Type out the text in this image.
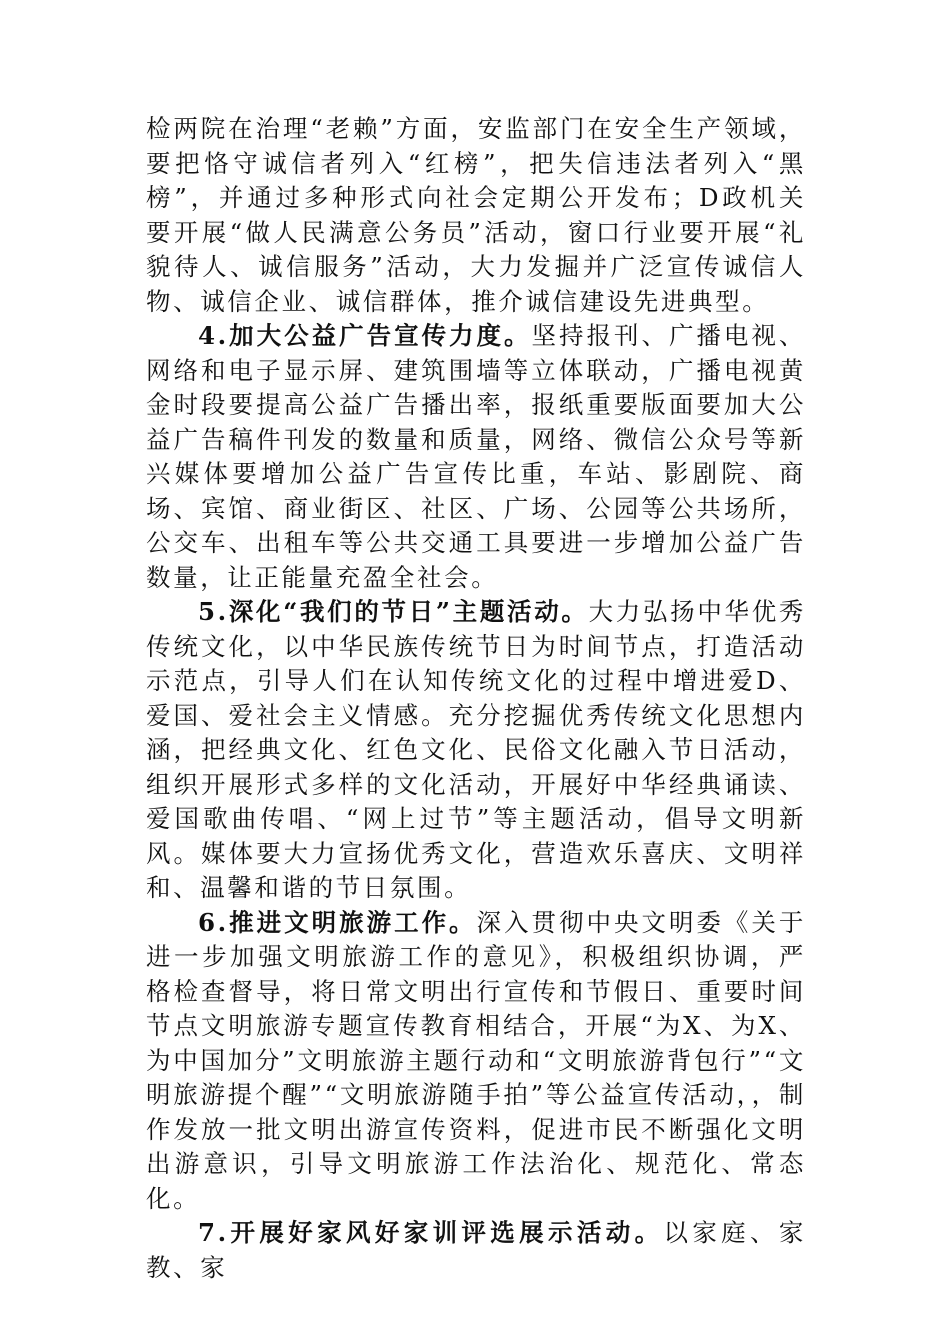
检两院在治理“老赖”方面，安监部门在安全生产领域，要把恪守诚信者列入“红榜”，把失信违法者列入“黑榜”，并通过多种形式向社会定期公开发布；D政机关要开展“做人民满意公务员”活动，窗口行业要开展“礼貌待人、诚信服务”活动，大力发掘并广泛宣传诚信人物、诚信企业、诚信群体，推介诚信建设先进典型。

4.加大公益广告宣传力度。坚持报刊、广播电视、网络和电子显示屏、建筑围墙等立体联动，广播电视黄金时段要提高公益广告播出率，报纸重要版面要加大公益广告稿件刊发的数量和质量，网络、微信公众号等新兴媒体要增加公益广告宣传比重，车站、影剧院、商场、宾馆、商业街区、社区、广场、公园等公共场所，公交车、出租车等公共交通工具要进一步增加公益广告数量，让正能量充盈全社会。

5.深化“我们的节日”主题活动。大力弘扬中华优秀传统文化，以中华民族传统节日为时间节点，打造活动示范点，引导人们在认知传统文化的过程中增进爱D、爱国、爱社会主义情感。充分挖掘优秀传统文化思想内涵，把经典文化、红色文化、民俗文化融入节日活动，组织开展形式多样的文化活动，开展好中华经典诵读、爱国歌曲传唱、“网上过节”等主题活动，倡导文明新风。媒体要大力宣扬优秀文化，营造欢乐喜庆、文明祥和、温馨和谐的节日氛围。

6.推进文明旅游工作。深入贯彻中央文明委《关于进一步加强文明旅游工作的意见》，积极组织协调，严格检查督导，将日常文明出行宣传和节假日、重要时间节点文明旅游专题宣传教育相结合，开展“为X、为X、为中国加分”文明旅游主题行动和“文明旅游背包行”“文明旅游提个醒”“文明旅游随手拍”等公益宣传活动，，制作发放一批文明出游宣传资料，促进市民不断强化文明出游意识，引导文明旅游工作法治化、规范化、常态化。

7.开展好家风好家训评选展示活动。以家庭、家教、家
